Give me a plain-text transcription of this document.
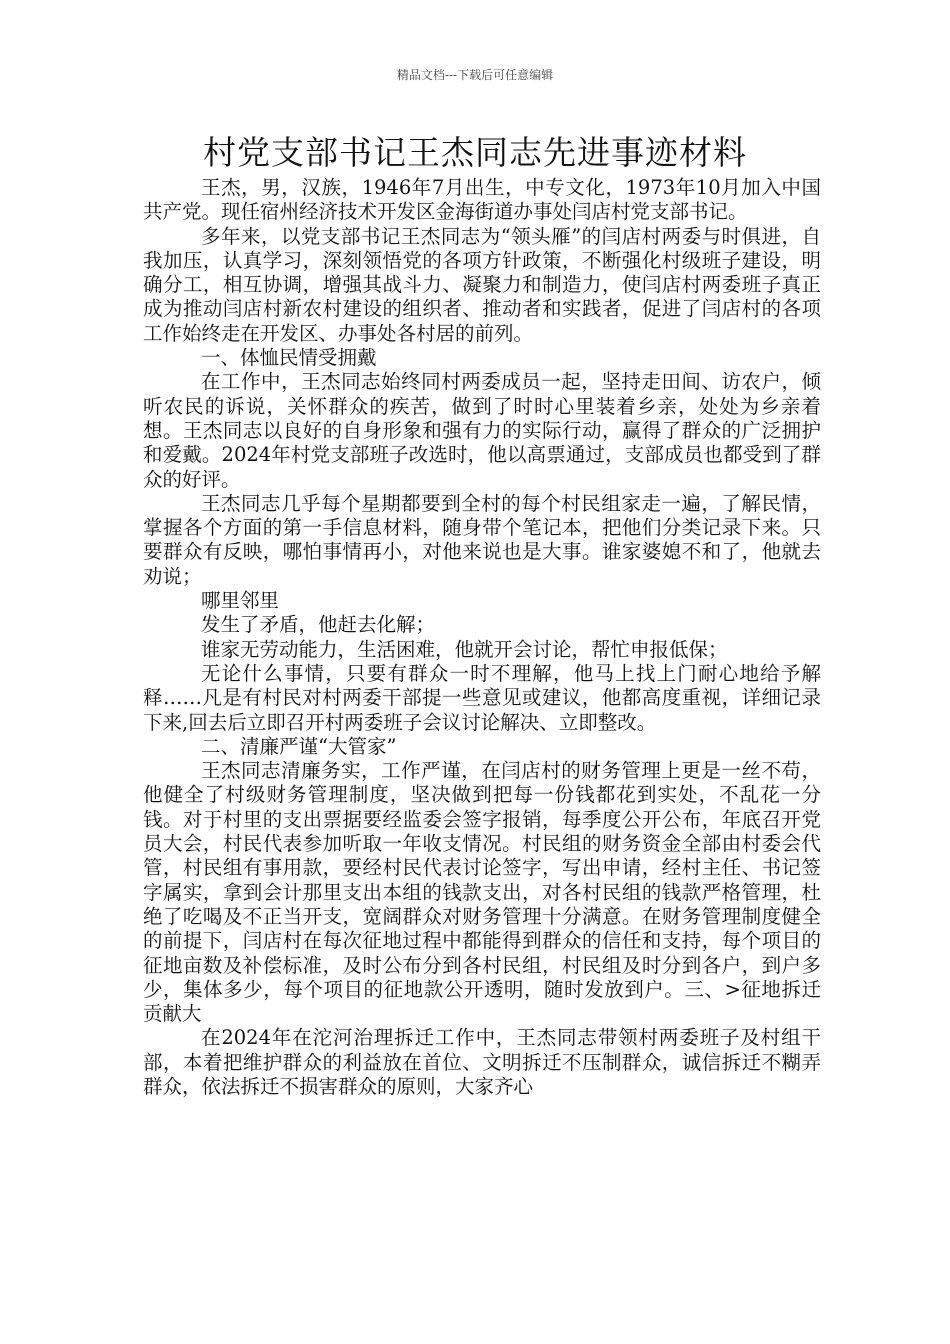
精品文档---下载后可任意编辑
村党支部书记王杰同志先进事迹材料

王杰，男，汉族，1946年7月出生，中专文化，1973年10月加入中国共产党。现任宿州经济技术开发区金海街道办事处闫店村党支部书记。

多年来，以党支部书记王杰同志为“领头雁”的闫店村两委与时俱进，自我加压，认真学习，深刻领悟党的各项方针政策，不断强化村级班子建设，明确分工，相互协调，增强其战斗力、凝聚力和制造力，使闫店村两委班子真正成为推动闫店村新农村建设的组织者、推动者和实践者，促进了闫店村的各项工作始终走在开发区、办事处各村居的前列。

一、体恤民情受拥戴

在工作中，王杰同志始终同村两委成员一起，坚持走田间、访农户，倾听农民的诉说，关怀群众的疾苦，做到了时时心里装着乡亲，处处为乡亲着想。王杰同志以良好的自身形象和强有力的实际行动，赢得了群众的广泛拥护和爱戴。2024年村党支部班子改选时，他以高票通过，支部成员也都受到了群众的好评。

王杰同志几乎每个星期都要到全村的每个村民组家走一遍，了解民情，掌握各个方面的第一手信息材料，随身带个笔记本，把他们分类记录下来。只要群众有反映，哪怕事情再小，对他来说也是大事。谁家婆媳不和了，他就去劝说；

哪里邻里

发生了矛盾，他赶去化解；

谁家无劳动能力，生活困难，他就开会讨论，帮忙申报低保；

无论什么事情，只要有群众一时不理解，他马上找上门耐心地给予解释……凡是有村民对村两委干部提一些意见或建议，他都高度重视，详细记录下来,回去后立即召开村两委班子会议讨论解决、立即整改。

二、清廉严谨“大管家”

王杰同志清廉务实，工作严谨，在闫店村的财务管理上更是一丝不苟，他健全了村级财务管理制度，坚决做到把每一份钱都花到实处，不乱花一分钱。对于村里的支出票据要经监委会签字报销，每季度公开公布，年底召开党员大会，村民代表参加听取一年收支情况。村民组的财务资金全部由村委会代管，村民组有事用款，要经村民代表讨论签字，写出申请，经村主任、书记签字属实，拿到会计那里支出本组的钱款支出，对各村民组的钱款严格管理，杜绝了吃喝及不正当开支，宽阔群众对财务管理十分满意。在财务管理制度健全的前提下，闫店村在每次征地过程中都能得到群众的信任和支持，每个项目的征地亩数及补偿标准，及时公布分到各村民组，村民组及时分到各户，到户多少，集体多少，每个项目的征地款公开透明，随时发放到户。三、>征地拆迁贡献大

在2024年在沱河治理拆迁工作中，王杰同志带领村两委班子及村组干部，本着把维护群众的利益放在首位、文明拆迁不压制群众，诚信拆迁不糊弄群众，依法拆迁不损害群众的原则，大家齐心
